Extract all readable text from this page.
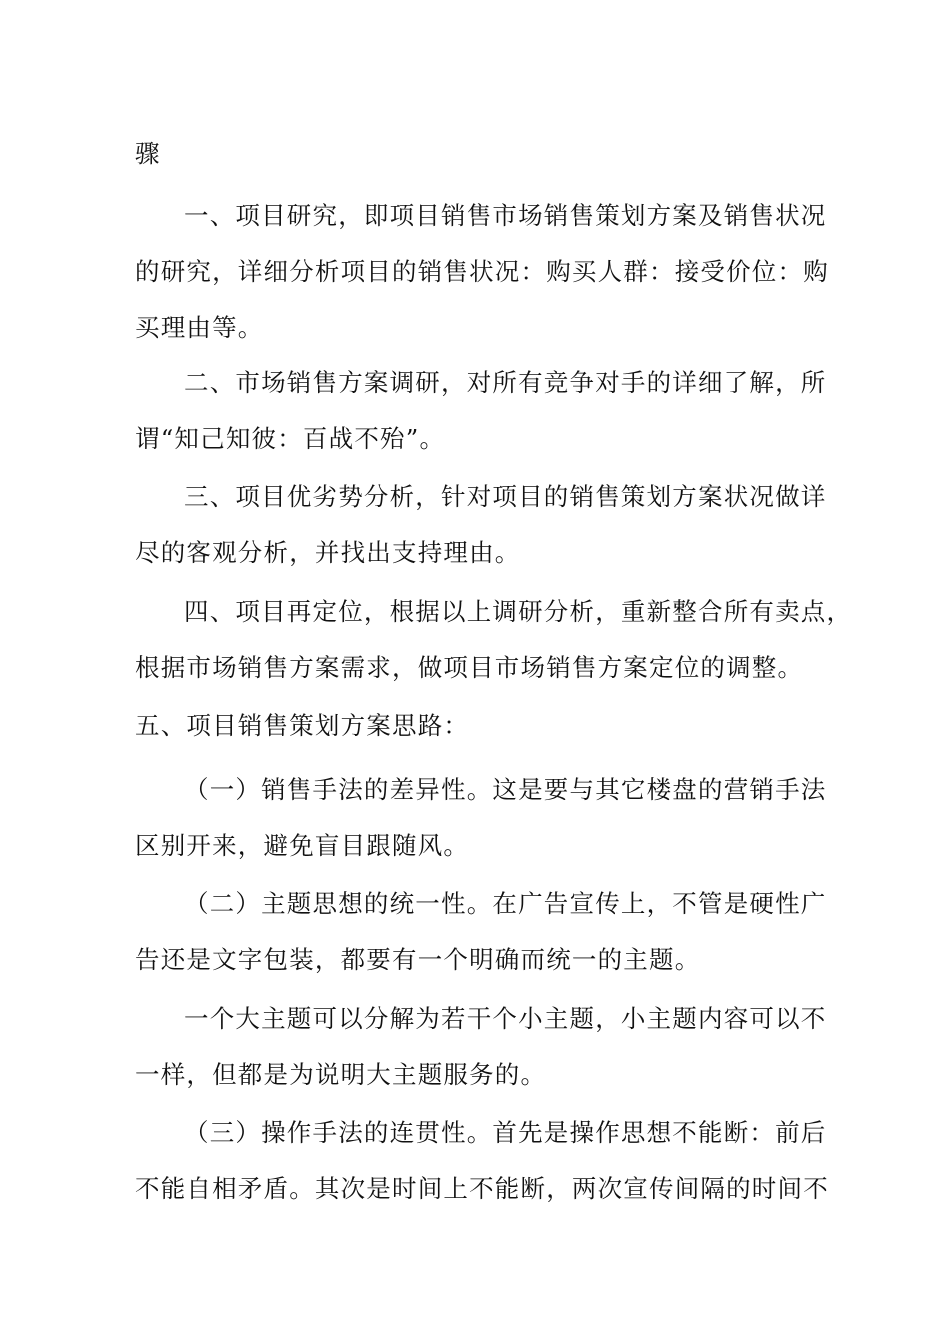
骤

一、项目研究，即项目销售市场销售策划方案及销售状况
的研究，详细分析项目的销售状况：购买人群：接受价位：购
买理由等。

二、市场销售方案调研，对所有竞争对手的详细了解，所
谓“知己知彼：百战不殆”。

三、项目优劣势分析，针对项目的销售策划方案状况做详
尽的客观分析，并找出支持理由。

四、项目再定位，根据以上调研分析，重新整合所有卖点，
根据市场销售方案需求，做项目市场销售方案定位的调整。

五、项目销售策划方案思路：

（一）销售手法的差异性。这是要与其它楼盘的营销手法
区别开来，避免盲目跟随风。

（二）主题思想的统一性。在广告宣传上，不管是硬性广
告还是文字包装，都要有一个明确而统一的主题。

一个大主题可以分解为若干个小主题，小主题内容可以不
一样，但都是为说明大主题服务的。

（三）操作手法的连贯性。首先是操作思想不能断：前后
不能自相矛盾。其次是时间上不能断，两次宣传间隔的时间不
